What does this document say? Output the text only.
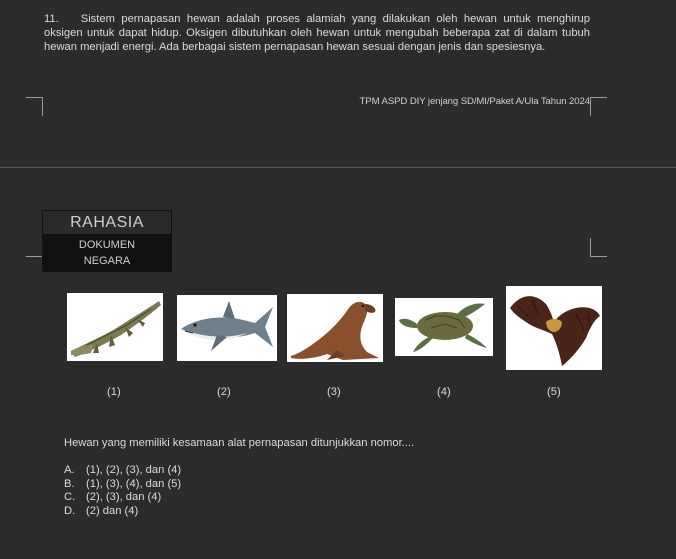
11. Sistem pernapasan hewan adalah proses alamiah yang dilakukan oleh hewan untuk menghirup oksigen untuk dapat hidup. Oksigen dibutuhkan oleh hewan untuk mengubah beberapa zat di dalam tubuh hewan menjadi energi. Ada berbagai sistem pernapasan hewan sesuai dengan jenis dan spesiesnya.
TPM ASPD DIY jenjang SD/MI/Paket A/Ula Tahun 2024
RAHASIA
DOKUMEN
NEGARA
(1)	(2)	(3)	(4)	(5)
Hewan yang memiliki kesamaan alat pernapasan ditunjukkan nomor....
A. (1), (2), (3), dan (4)
B. (1), (3), (4), dan (5)
C. (2), (3), dan (4)
D. (2) dan (4)
